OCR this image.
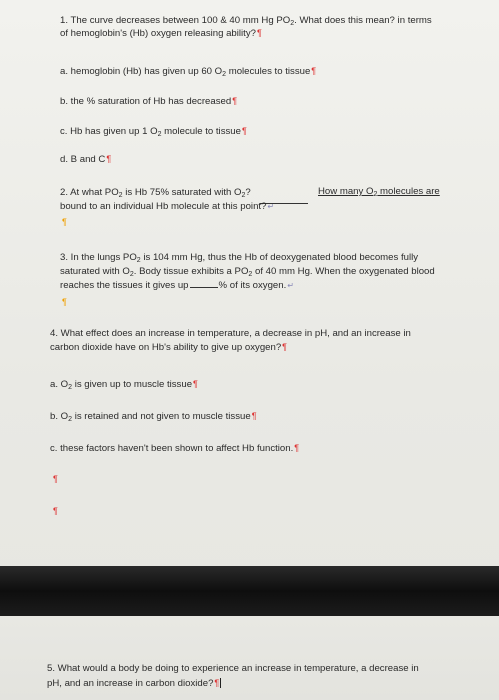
1. The curve decreases between 100 & 40 mm Hg $PO_2$. What does this mean? in terms
of hemoglobin's (Hb) oxygen releasing ability?¶
a. hemoglobin (Hb) has given up 60 $O_2$ molecules to tissue¶
b. the % saturation of Hb has decreased¶
c. Hb has given up 1 $O_2$ molecule to tissue¶
d. B and C¶
2. At what $PO_2$ is Hb 75% saturated with $O_2$?	How many $O_2$ molecules are
bound to an individual Hb molecule at this point?↵
¶
3. In the lungs $PO_2$ is 104 mm Hg, thus the Hb of deoxygenated blood becomes fully
saturated with $O_2$. Body tissue exhibits a $PO_2$ of 40 mm Hg. When the oxygenated blood
reaches the tissues it gives up	% of its oxygen.↵
¶
4. What effect does an increase in temperature, a decrease in pH, and an increase in
carbon dioxide have on Hb's ability to give up oxygen?¶
a. $O_2$ is given up to muscle tissue¶
b. $O_2$ is retained and not given to muscle tissue¶
c. these factors haven't been shown to affect Hb function.¶
¶
¶
5. What would a body be doing to experience an increase in temperature, a decrease in
pH, and an increase in carbon dioxide?¶
